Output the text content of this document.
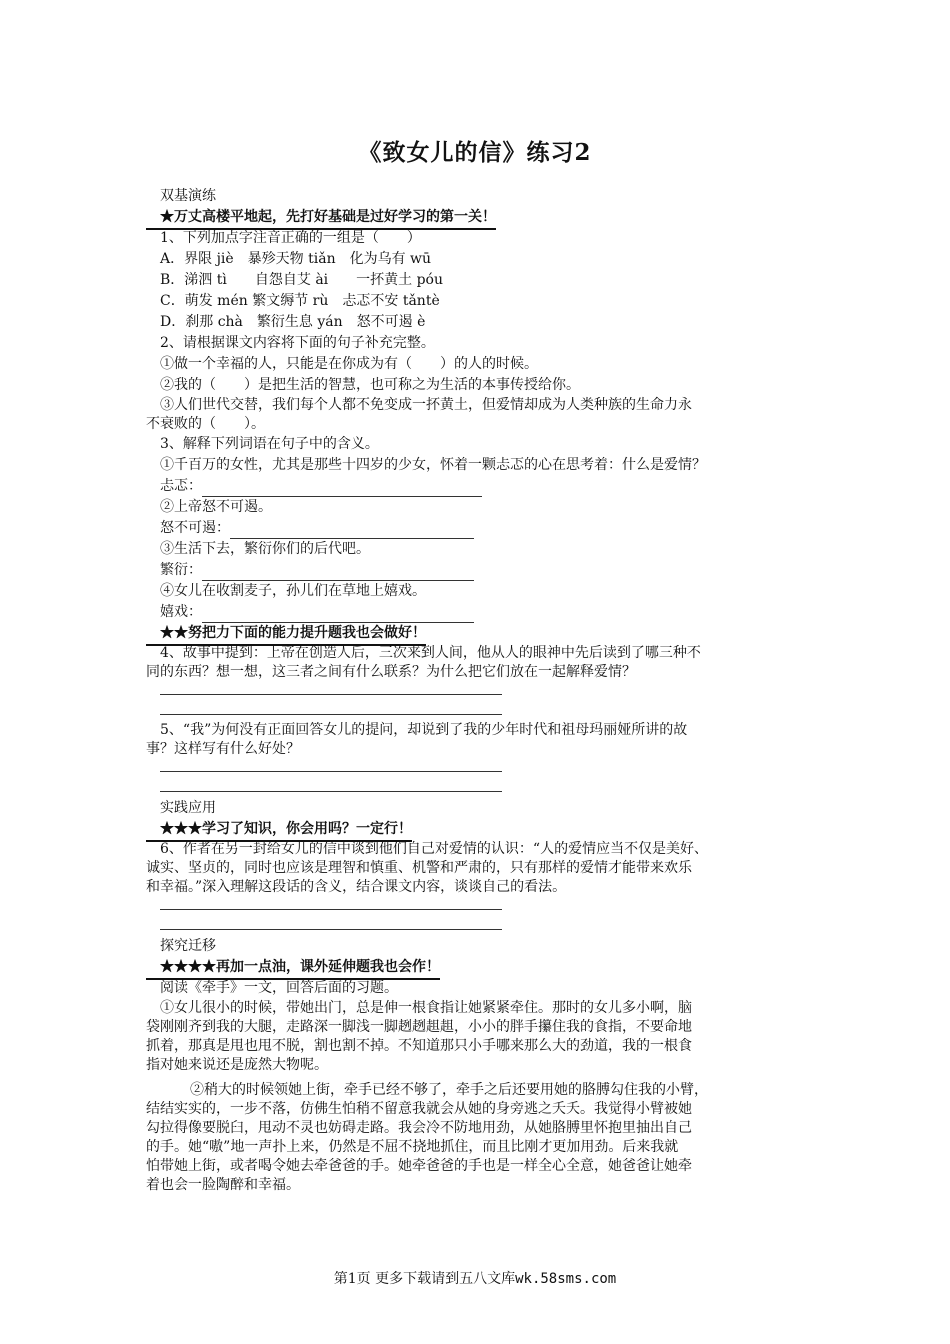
《致女儿的信》练习2
双基演练
★万丈高楼平地起，先打好基础是过好学习的第一关！
1、下列加点字注音正确的一组是（　　）
A．界限 jiè　暴殄天物 tiǎn　化为乌有 wū
B．涕泗 tì　　自怨自艾 ài　　一抔黄土 póu
C．萌发 mén 繁文缛节 rù　忐忑不安 tǎntè
D．刹那 chà　繁衍生息 yán　怒不可遏 è
2、请根据课文内容将下面的句子补充完整。
①做一个幸福的人，只能是在你成为有（　　）的人的时候。
②我的（　　）是把生活的智慧，也可称之为生活的本事传授给你。
③人们世代交替，我们每个人都不免变成一抔黄土，但爱情却成为人类种族的生命力永
不衰败的（　　）。
3、解释下列词语在句子中的含义。
①千百万的女性，尤其是那些十四岁的少女，怀着一颗忐忑的心在思考着：什么是爱情？
忐忑：
②上帝怒不可遏。
怒不可遏：
③生活下去，繁衍你们的后代吧。
繁衍：
④女儿在收割麦子，孙儿们在草地上嬉戏。
嬉戏：
★★努把力下面的能力提升题我也会做好！
4、故事中提到：上帝在创造人后，三次来到人间，他从人的眼神中先后读到了哪三种不
同的东西？想一想，这三者之间有什么联系？为什么把它们放在一起解释爱情？
5、“我”为何没有正面回答女儿的提问，却说到了我的少年时代和祖母玛丽娅所讲的故
事？这样写有什么好处？
实践应用
★★★学习了知识，你会用吗？一定行！
6、作者在另一封给女儿的信中谈到他们自己对爱情的认识：“人的爱情应当不仅是美好、
诚实、坚贞的，同时也应该是理智和慎重、机警和严肃的，只有那样的爱情才能带来欢乐
和幸福。”深入理解这段话的含义，结合课文内容，谈谈自己的看法。
探究迁移
★★★★再加一点油，课外延伸题我也会作！
阅读《牵手》一文，回答后面的习题。
①女儿很小的时候，带她出门，总是伸一根食指让她紧紧牵住。那时的女儿多小啊，脑
袋刚刚齐到我的大腿，走路深一脚浅一脚趔趔趄趄，小小的胖手攥住我的食指，不要命地
抓着，那真是甩也甩不脱，割也割不掉。不知道那只小手哪来那么大的劲道，我的一根食
指对她来说还是庞然大物呢。
②稍大的时候领她上街，牵手已经不够了，牵手之后还要用她的胳膊勾住我的小臂，
结结实实的，一步不落，仿佛生怕稍不留意我就会从她的身旁逃之夭夭。我觉得小臂被她
勾拉得像要脱臼，甩动不灵也妨碍走路。我会冷不防地用劲，从她胳膊里怀抱里抽出自己
的手。她“嗷”地一声扑上来，仍然是不屈不挠地抓住，而且比刚才更加用劲。后来我就
怕带她上街，或者喝令她去牵爸爸的手。她牵爸爸的手也是一样全心全意，她爸爸让她牵
着也会一脸陶醉和幸福。
第1页 更多下载请到五八文库wk.58sms.com
